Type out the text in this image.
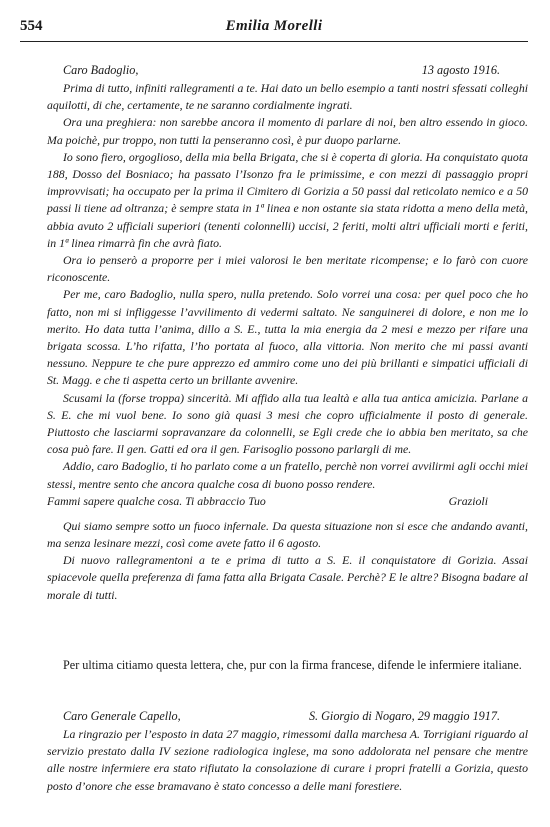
554	Emilia Morelli
Caro Badoglio,	13 agosto 1916.

Prima di tutto, infiniti rallegramenti a te. Hai dato un bello esempio a tanti nostri sfessati colleghi aquilotti, di che, certamente, te ne saranno cordialmente ingrati.

Ora una preghiera: non sarebbe ancora il momento di parlare di noi, ben altro essendo in gioco. Ma poichè, pur troppo, non tutti la penseranno così, è pur duopo parlarne.

Io sono fiero, orgoglioso, della mia bella Brigata, che si è coperta di gloria. Ha conquistato quota 188, Dosso del Bosniaco; ha passato l’Isonzo fra le primissime, e con mezzi di passaggio propri improvvisati; ha occupato per la prima il Cimitero di Gorizia a 50 passi dal reticolato nemico e a 50 passi li tiene ad oltranza; è sempre stata in 1ª linea e non ostante sia stata ridotta a meno della metà, abbia avuto 2 ufficiali superiori (tenenti colonnelli) uccisi, 2 feriti, molti altri ufficiali morti e feriti, in 1ª linea rimarrà fin che avrà fiato.

Ora io penserò a proporre per i miei valorosi le ben meritate ricompense; e lo farò con cuore riconoscente.

Per me, caro Badoglio, nulla spero, nulla pretendo. Solo vorrei una cosa: per quel poco che ho fatto, non mi si infliggesse l’avvilimento di vedermi saltato. Ne sanguinerei di dolore, e non me lo merito. Ho data tutta l’anima, dillo a S. E., tutta la mia energia da 2 mesi e mezzo per rifare una brigata scossa. L’ho rifatta, l’ho portata al fuoco, alla vittoria. Non merito che mi passi avanti nessuno. Neppure te che pure apprezzo ed ammiro come uno dei più brillanti e simpatici ufficiali di St. Magg. e che ti aspetta certo un brillante avvenire.

Scusami la (forse troppa) sincerità. Mi affido alla tua lealtà e alla tua antica amicizia. Parlane a S. E. che mi vuol bene. Io sono già quasi 3 mesi che copro ufficialmente il posto di generale. Piuttosto che lasciarmi sopravanzare da colonnelli, se Egli crede che io abbia ben meritato, sa che cosa può fare. Il gen. Gatti ed ora il gen. Farisoglio possono parlargli di me.

Addio, caro Badoglio, ti ho parlato come a un fratello, perchè non vorrei avvilirmi agli occhi miei stessi, mentre sento che ancora qualche cosa di buono posso rendere.

Fammi sapere qualche cosa. Ti abbraccio Tuo	Grazioli

Qui siamo sempre sotto un fuoco infernale. Da questa situazione non si esce che andando avanti, ma senza lesinare mezzi, così come avete fatto il 6 agosto.

Di nuovo rallegramentoni a te e prima di tutto a S. E. il conquistatore di Gorizia. Assai spiacevole quella preferenza di fama fatta alla Brigata Casale. Perchè? E le altre? Bisogna badare al morale di tutti.

Per ultima citiamo questa lettera, che, pur con la firma francese, difende le infermiere italiane.

Caro Generale Capello,	S. Giorgio di Nogaro, 29 maggio 1917.

La ringrazio per l’esposto in data 27 maggio, rimessomi dalla marchesa A. Torrigiani riguardo al servizio prestato dalla IV sezione radiologica inglese, ma sono addolorata nel pensare che mentre alle nostre infermiere era stato rifiutato la consolazione di curare i propri fratelli a Gorizia, questo posto d’onore che esse bramavano è stato concesso a delle mani forestiere.
